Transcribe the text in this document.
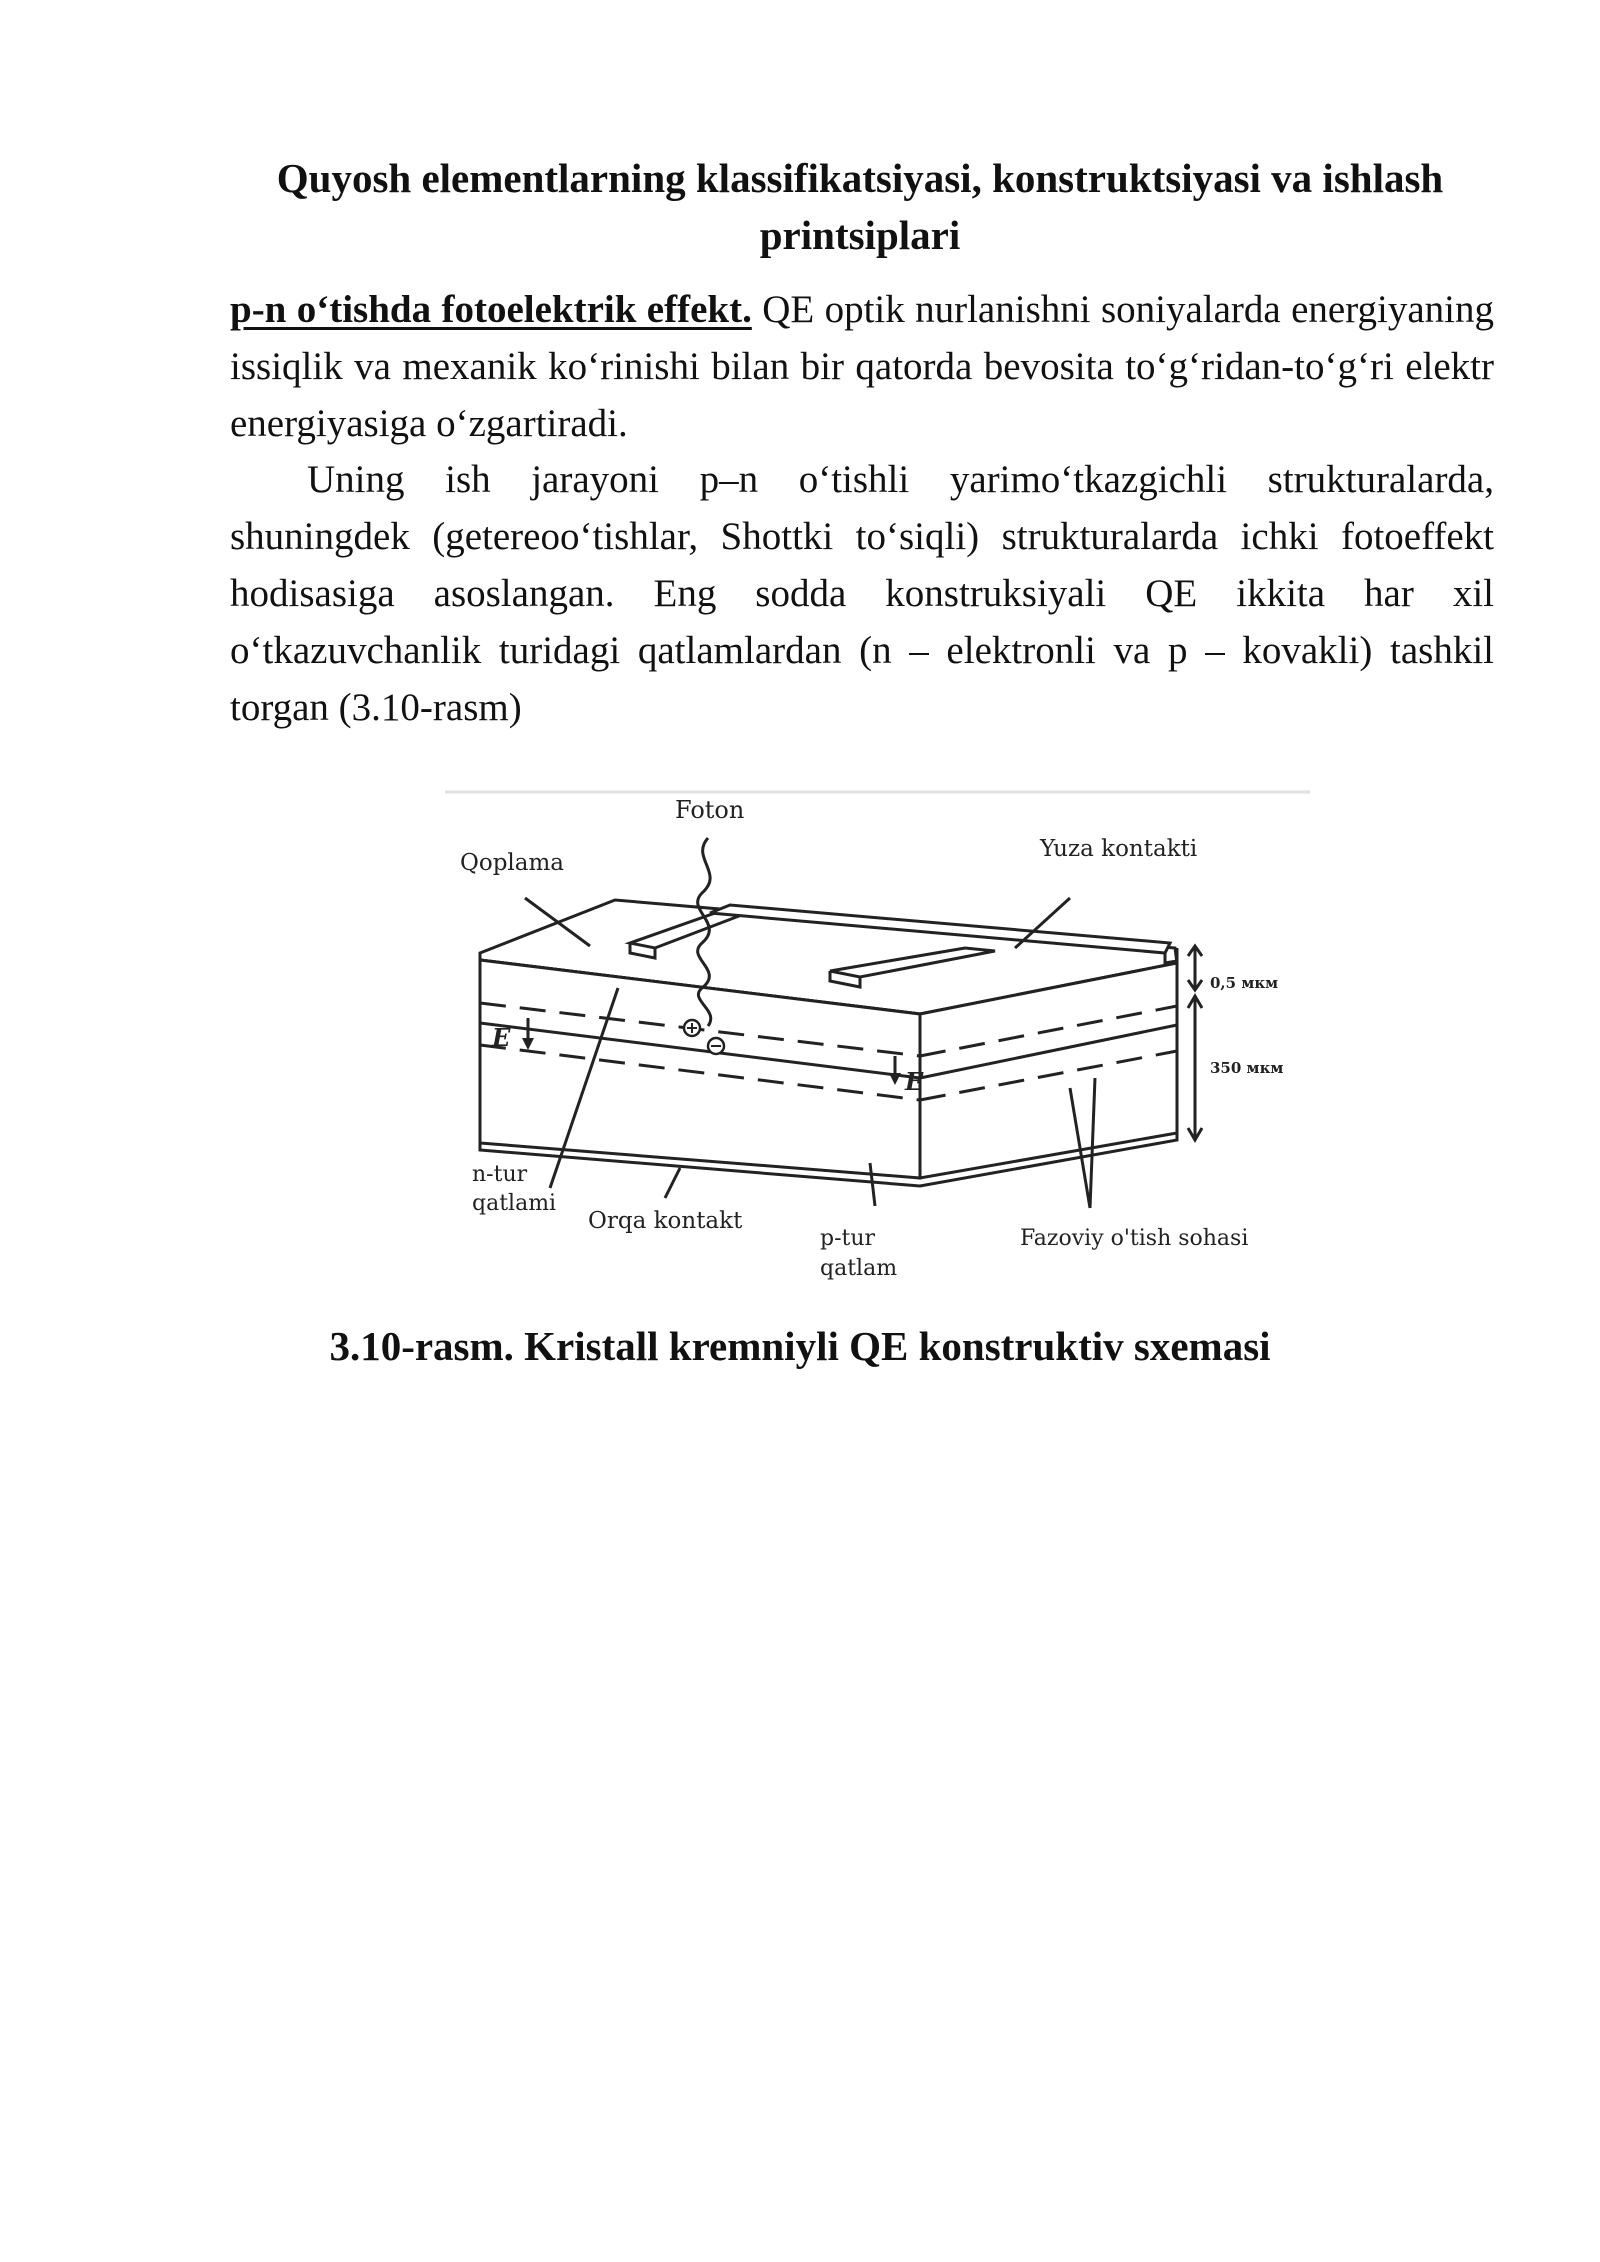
Quyosh elementlarning klassifikatsiyasi, konstruktsiyasi va ishlash printsiplari
p-n o‘tishda fotoelektrik effekt. QE optik nurlanishni soniyalarda energiyaning issiqlik va mexanik ko‘rinishi bilan bir qatorda bevosita to‘g‘ridan-to‘g‘ri elektr energiyasiga o‘zgartiradi.
Uning ish jarayoni p–n o‘tishli yarimo‘tkazgichli strukturalarda, shuningdek (getereoo‘tishlar, Shottki to‘siqli) strukturalarda ichki fotoeffekt hodisasiga asoslangan. Eng sodda konstruksiyali QE ikkita har xil o‘tkazuvchanlik turidagi qatlamlardan (n – elektronli va p – kovakli) tashkil torgan (3.10-rasm)
Foton
Qoplama
Yuza kontakti
0,5 мкм
350 мкм
E
E
n-tur
qatlami
Orqa kontakt
p-tur
qatlam
Fazoviy o'tish sohasi
3.10-rasm. Kristall kremniyli QE konstruktiv sxemasi
